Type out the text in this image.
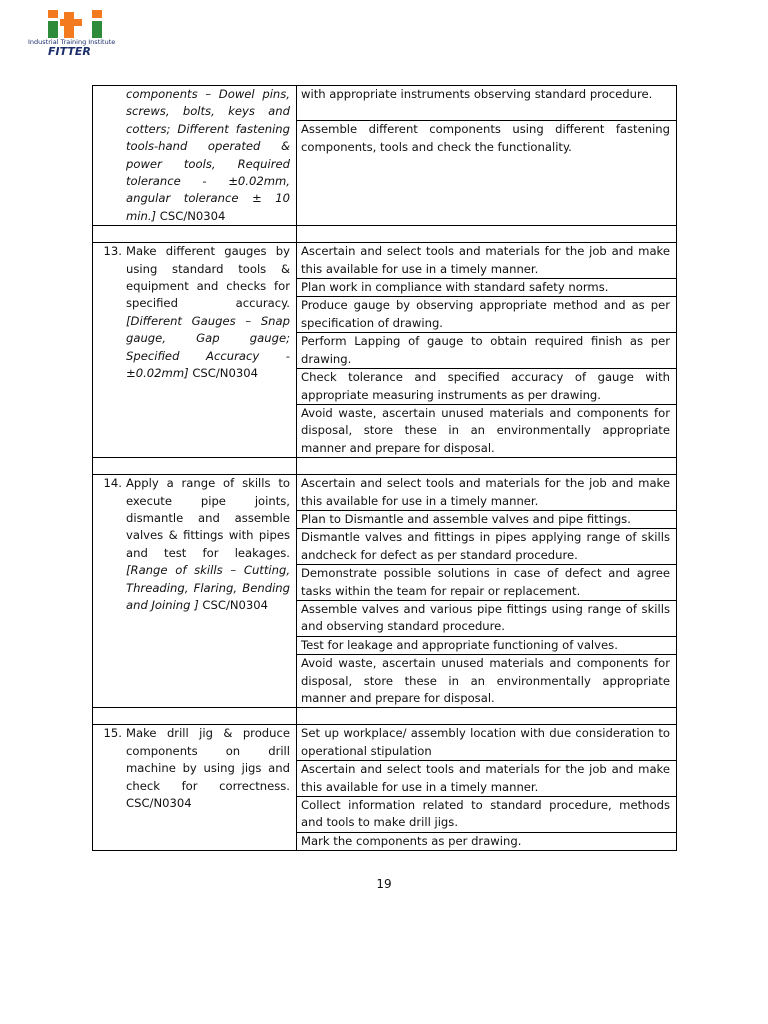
Industrial Training Institute
FITTER
components – Dowel pins, screws, bolts, keys and cotters; Different fastening tools-hand operated & power tools, Required tolerance - ±0.02mm, angular tolerance ± 10 min.] CSC/N0304	with appropriate instruments observing standard procedure.
	Assemble different components using different fastening components, tools and check the functionality.

13. Make different gauges by using standard tools & equipment and checks for specified accuracy. [Different Gauges – Snap gauge, Gap gauge; Specified Accuracy - ±0.02mm] CSC/N0304	Ascertain and select tools and materials for the job and make this available for use in a timely manner.
	Plan work in compliance with standard safety norms.
	Produce gauge by observing appropriate method and as per specification of drawing.
	Perform Lapping of gauge to obtain required finish as per drawing.
	Check tolerance and specified accuracy of gauge with appropriate measuring instruments as per drawing.
	Avoid waste, ascertain unused materials and components for disposal, store these in an environmentally appropriate manner and prepare for disposal.

14. Apply a range of skills to execute pipe joints, dismantle and assemble valves & fittings with pipes and test for leakages.[Range of skills – Cutting, Threading, Flaring, Bending and Joining ] CSC/N0304	Ascertain and select tools and materials for the job and make this available for use in a timely manner.
	Plan to Dismantle and assemble valves and pipe fittings.
	Dismantle valves and fittings in pipes applying range of skills andcheck for defect as per standard procedure.
	Demonstrate possible solutions in case of defect and agree tasks within the team for repair or replacement.
	Assemble valves and various pipe fittings using range of skills and observing standard procedure.
	Test for leakage and appropriate functioning of valves.
	Avoid waste, ascertain unused materials and components for disposal, store these in an environmentally appropriate manner and prepare for disposal.

15. Make drill jig & produce components on drill machine by using jigs and check for correctness. CSC/N0304	Set up workplace/ assembly location with due consideration to operational stipulation
	Ascertain and select tools and materials for the job and make this available for use in a timely manner.
	Collect information related to standard procedure, methods and tools to make drill jigs.
	Mark the components as per drawing.
19
